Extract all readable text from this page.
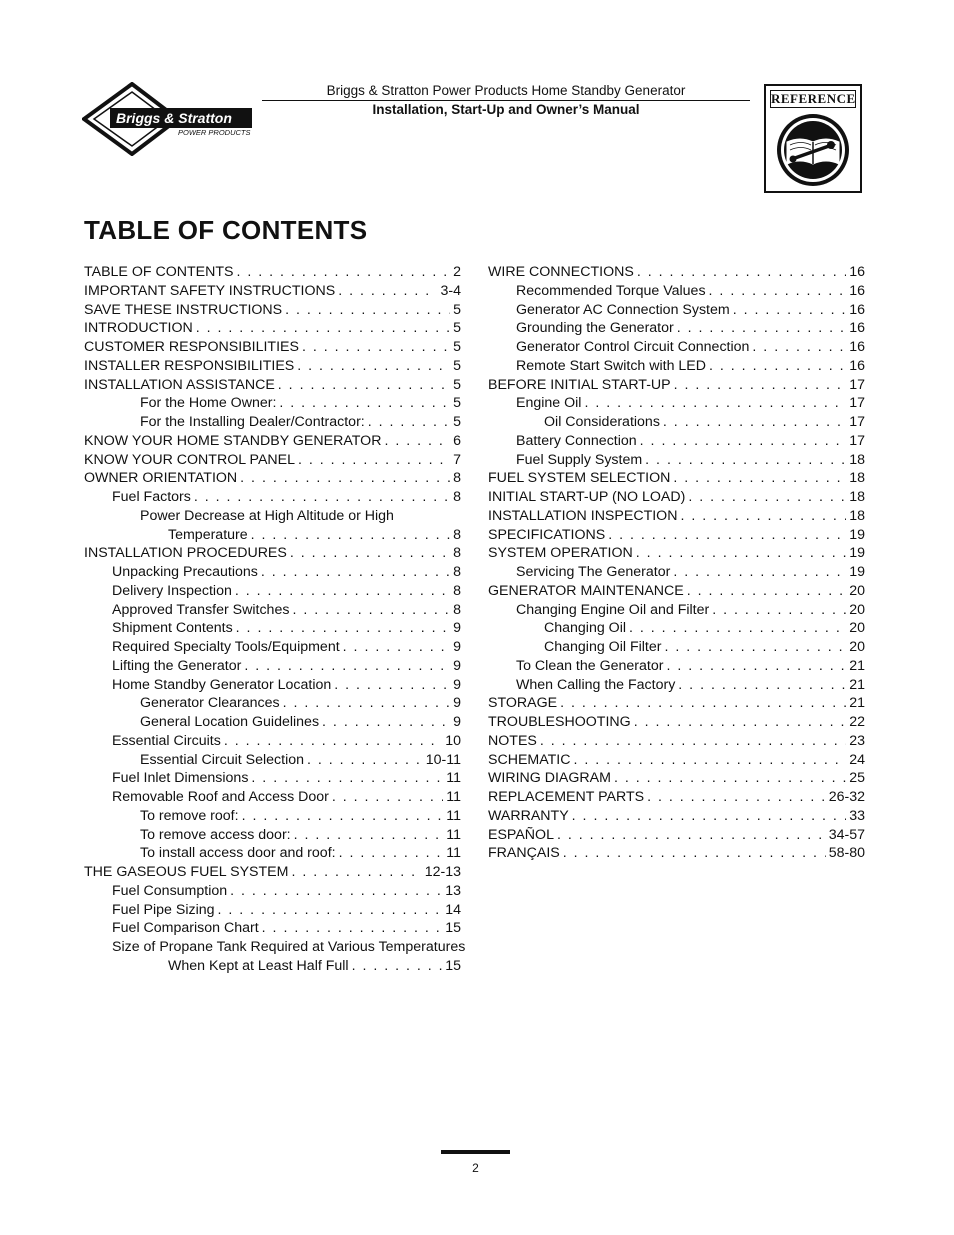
Briggs & Stratton
POWER PRODUCTS
Briggs & Stratton Power Products Home Standby Generator
Installation, Start-Up and Owner’s Manual
REFERENCE
TABLE OF CONTENTS
TABLE OF CONTENTS . . .	2
IMPORTANT SAFETY INSTRUCTIONS . . .	3-4
SAVE THESE INSTRUCTIONS . . .	5
INTRODUCTION . . .	5
CUSTOMER RESPONSIBILITIES . . .	5
INSTALLER RESPONSIBILITIES . . .	5
INSTALLATION ASSISTANCE . . .	5
For the Home Owner: . . .	5
For the Installing Dealer/Contractor: . . .	5
KNOW YOUR HOME STANDBY GENERATOR . . .	6
KNOW YOUR CONTROL PANEL . . .	7
OWNER ORIENTATION . . .	8
Fuel Factors . . .	8
Power Decrease at High Altitude or High
Temperature . . .	8
INSTALLATION PROCEDURES . . .	8
Unpacking Precautions . . .	8
Delivery Inspection . . .	8
Approved Transfer Switches . . .	8
Shipment Contents . . .	9
Required Specialty Tools/Equipment . . .	9
Lifting the Generator . . .	9
Home Standby Generator Location . . .	9
Generator Clearances . . .	9
General Location Guidelines . . .	9
Essential Circuits . . .	10
Essential Circuit Selection . . .	10-11
Fuel Inlet Dimensions . . .	11
Removable Roof and Access Door . . .	11
To remove roof: . . .	11
To remove access door: . . .	11
To install access door and roof: . . .	11
THE GASEOUS FUEL SYSTEM . . .	12-13
Fuel Consumption . . .	13
Fuel Pipe Sizing . . .	14
Fuel Comparison Chart . . .	15
Size of Propane Tank Required at Various Temperatures
When Kept at Least Half Full . . .	15
WIRE CONNECTIONS . . .	16
Recommended Torque Values . . .	16
Generator AC Connection System . . .	16
Grounding the Generator . . .	16
Generator Control Circuit Connection . . .	16
Remote Start Switch with LED . . .	16
BEFORE INITIAL START-UP . . .	17
Engine Oil . . .	17
Oil Considerations . . .	17
Battery Connection . . .	17
Fuel Supply System . . .	18
FUEL SYSTEM SELECTION . . .	18
INITIAL START-UP (NO LOAD) . . .	18
INSTALLATION INSPECTION . . .	18
SPECIFICATIONS . . .	19
SYSTEM OPERATION . . .	19
Servicing The Generator . . .	19
GENERATOR MAINTENANCE . . .	20
Changing Engine Oil and Filter . . .	20
Changing Oil . . .	20
Changing Oil Filter . . .	20
To Clean the Generator . . .	21
When Calling the Factory . . .	21
STORAGE . . .	21
TROUBLESHOOTING . . .	22
NOTES . . .	23
SCHEMATIC . . .	24
WIRING DIAGRAM . . .	25
REPLACEMENT PARTS . . .	26-32
WARRANTY . . .	33
ESPAÑOL . . .	34-57
FRANÇAIS . . .	58-80
2
